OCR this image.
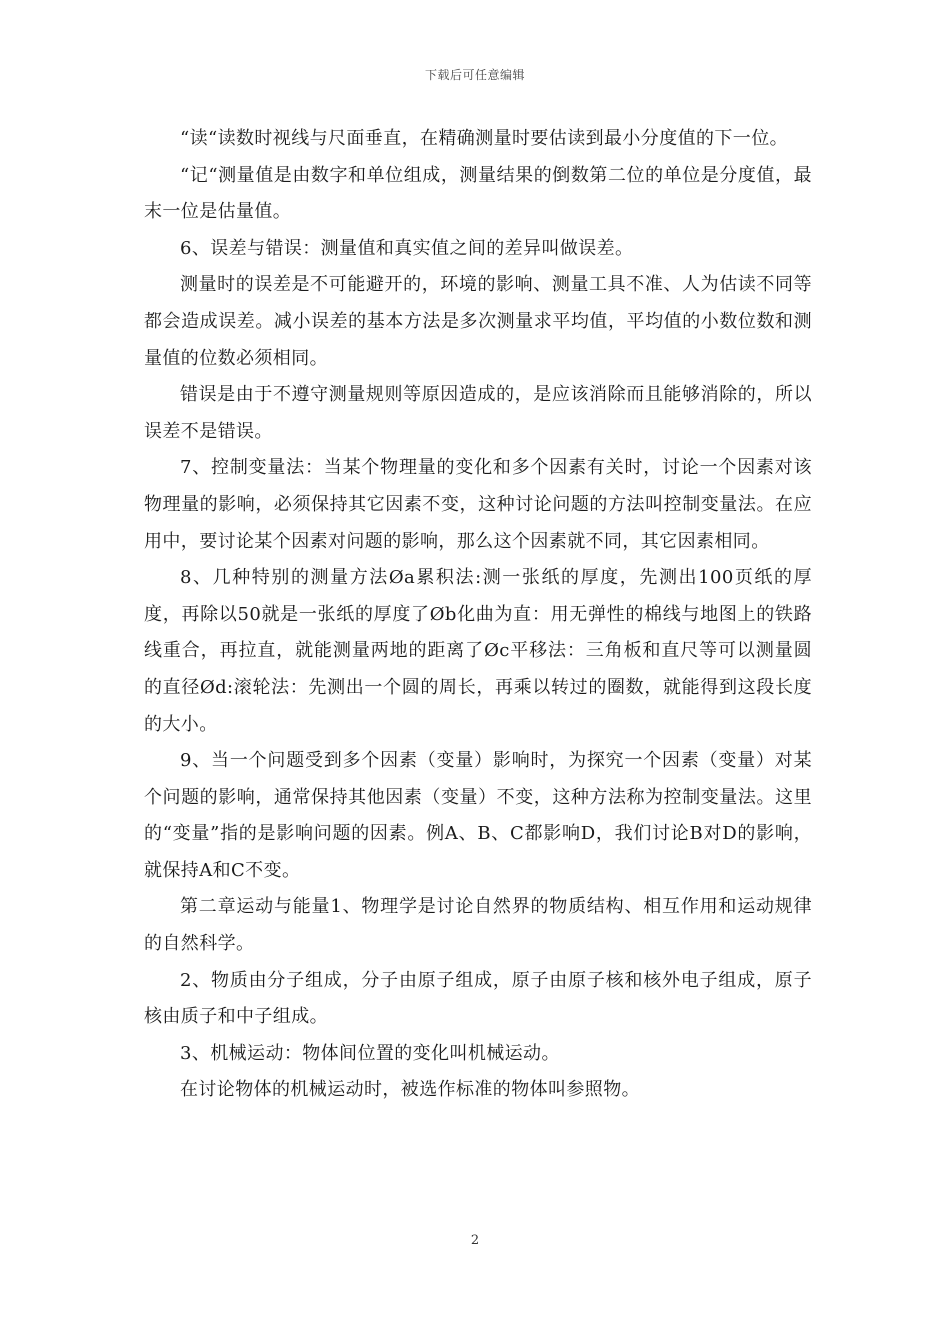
下载后可任意编辑

“读“读数时视线与尺面垂直，在精确测量时要估读到最小分度值的下一位。

“记“测量值是由数字和单位组成，测量结果的倒数第二位的单位是分度值，最末一位是估量值。

6、误差与错误：测量值和真实值之间的差异叫做误差。

测量时的误差是不可能避开的，环境的影响、测量工具不准、人为估读不同等都会造成误差。减小误差的基本方法是多次测量求平均值，平均值的小数位数和测量值的位数必须相同。

错误是由于不遵守测量规则等原因造成的，是应该消除而且能够消除的，所以误差不是错误。

7、控制变量法：当某个物理量的变化和多个因素有关时，讨论一个因素对该物理量的影响，必须保持其它因素不变，这种讨论问题的方法叫控制变量法。在应用中，要讨论某个因素对问题的影响，那么这个因素就不同，其它因素相同。

8、几种特别的测量方法Øa累积法:测一张纸的厚度，先测出100页纸的厚度，再除以50就是一张纸的厚度了Øb化曲为直：用无弹性的棉线与地图上的铁路线重合，再拉直，就能测量两地的距离了Øc平移法：三角板和直尺等可以测量圆的直径Ød:滚轮法：先测出一个圆的周长，再乘以转过的圈数，就能得到这段长度的大小。

9、当一个问题受到多个因素（变量）影响时，为探究一个因素（变量）对某个问题的影响，通常保持其他因素（变量）不变，这种方法称为控制变量法。这里的“变量”指的是影响问题的因素。例A、B、C都影响D，我们讨论B对D的影响，就保持A和C不变。

第二章运动与能量1、物理学是讨论自然界的物质结构、相互作用和运动规律的自然科学。

2、物质由分子组成，分子由原子组成，原子由原子核和核外电子组成，原子核由质子和中子组成。

3、机械运动：物体间位置的变化叫机械运动。

在讨论物体的机械运动时，被选作标准的物体叫参照物。

2
